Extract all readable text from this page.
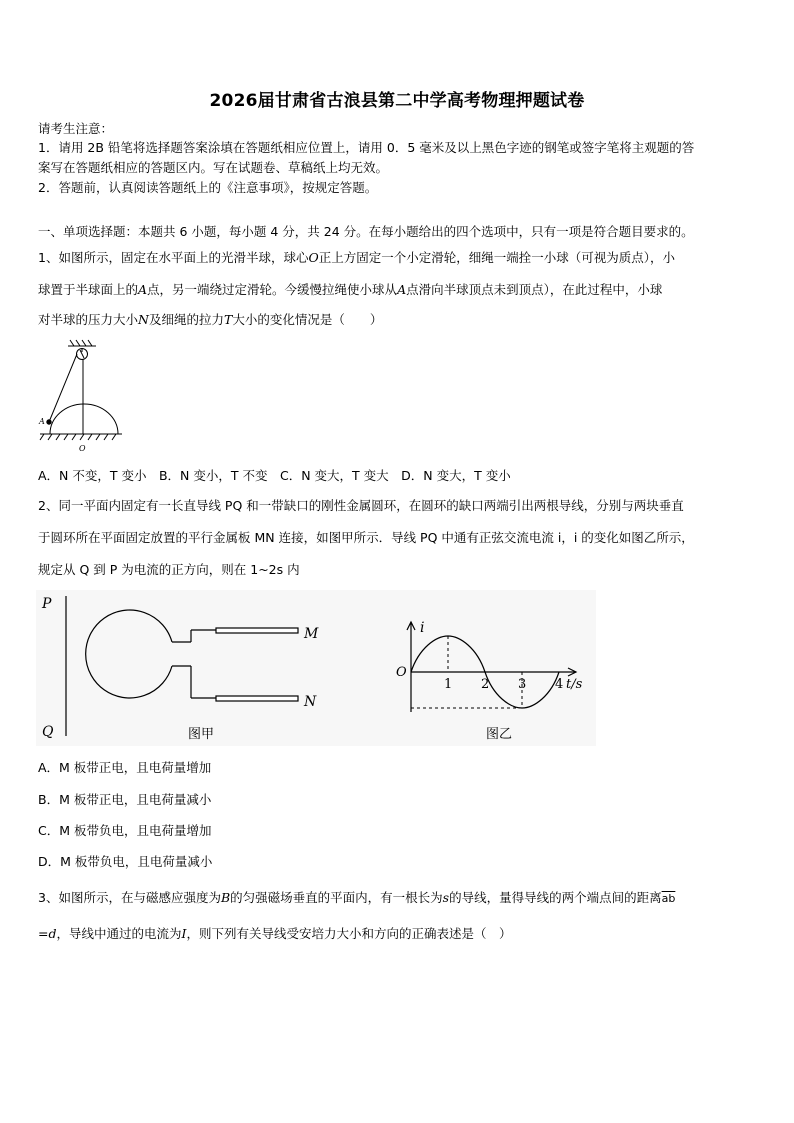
2026届甘肃省古浪县第二中学高考物理押题试卷
请考生注意：
1．请用 2B 铅笔将选择题答案涂填在答题纸相应位置上，请用 0．5 毫米及以上黑色字迹的钢笔或签字笔将主观题的答
案写在答题纸相应的答题区内。写在试题卷、草稿纸上均无效。
2．答题前，认真阅读答题纸上的《注意事项》，按规定答题。
一、单项选择题：本题共 6 小题，每小题 4 分，共 24 分。在每小题给出的四个选项中，只有一项是符合题目要求的。
1、如图所示，固定在水平面上的光滑半球，球心O正上方固定一个小定滑轮，细绳一端拴一小球（可视为质点），小
球置于半球面上的A点，另一端绕过定滑轮。今缓慢拉绳使小球从A点滑向半球顶点未到顶点），在此过程中，小球
对半球的压力大小N及细绳的拉力T大小的变化情况是（　　）
A
O
A．N 不变，T 变小　B．N 变小，T 不变　C．N 变大，T 变大　D．N 变大，T 变小
2、同一平面内固定有一长直导线 PQ 和一带缺口的刚性金属圆环，在圆环的缺口两端引出两根导线，分别与两块垂直
于圆环所在平面固定放置的平行金属板 MN 连接，如图甲所示．导线 PQ 中通有正弦交流电流 i，i 的变化如图乙所示，
规定从 Q 到 P 为电流的正方向，则在 1~2s 内
P
Q
M
N
图甲
i
O
1 2 3 4 t/s
图乙
A．M 板带正电，且电荷量增加
B．M 板带正电，且电荷量减小
C．M 板带负电，且电荷量增加
D．M 板带负电，且电荷量减小
3、如图所示，在与磁感应强度为B的匀强磁场垂直的平面内，有一根长为s的导线，量得导线的两个端点间的距离$\overline{ab}$
=d，导线中通过的电流为I，则下列有关导线受安培力大小和方向的正确表述是（　）
